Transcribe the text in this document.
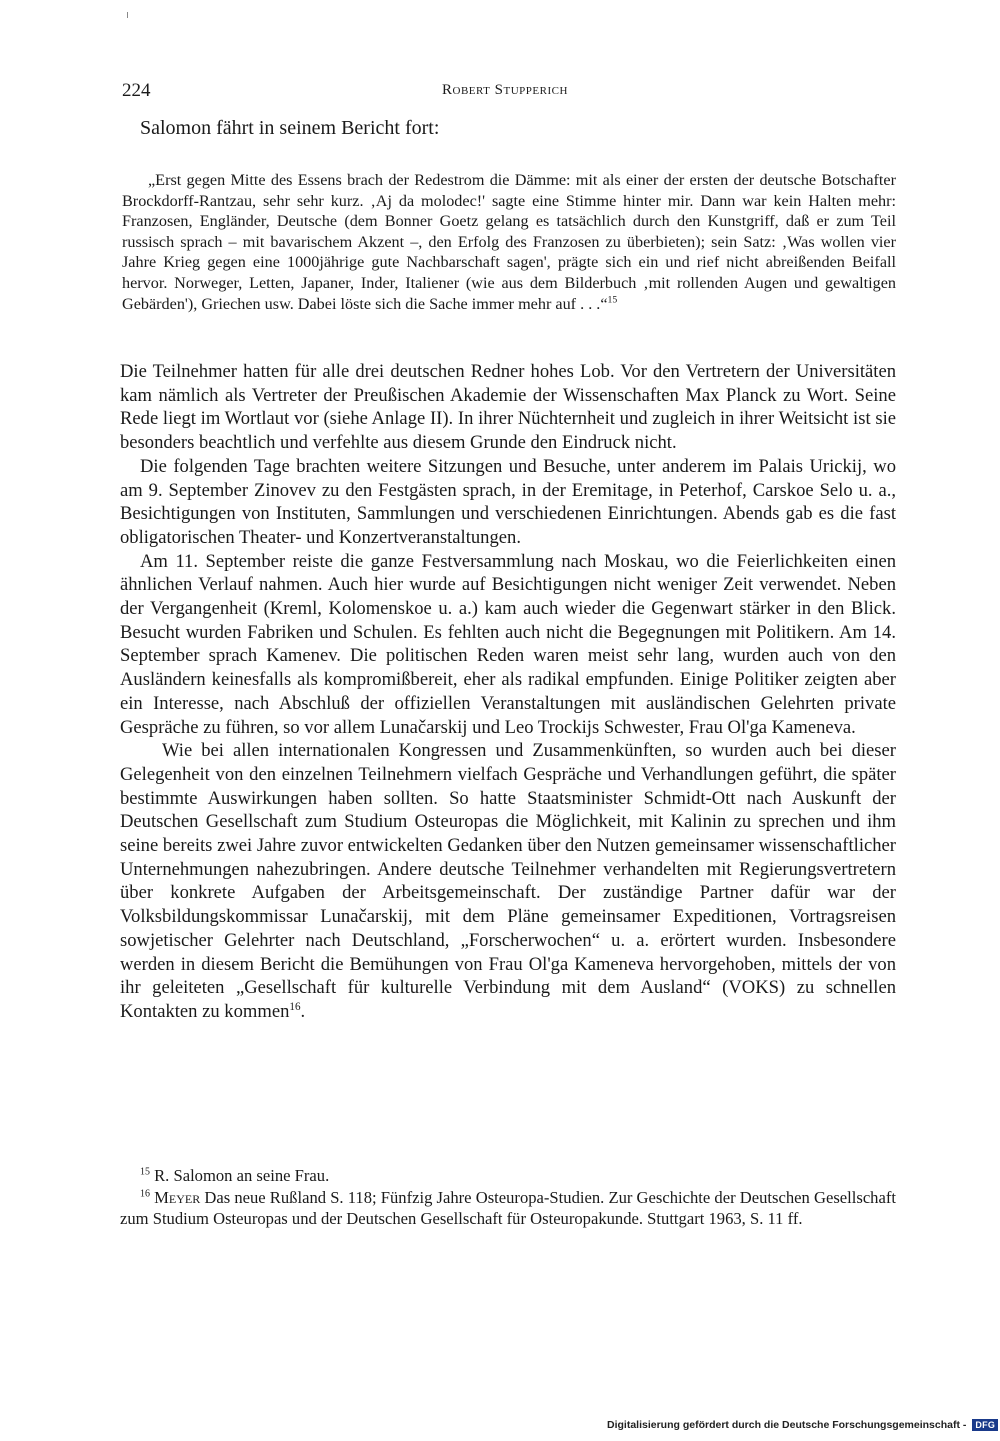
224	Robert Stupperich
Salomon fährt in seinem Bericht fort:
„Erst gegen Mitte des Essens brach der Redestrom die Dämme: mit als einer der ersten der deutsche Botschafter Brockdorff-Rantzau, sehr sehr kurz. ‚Aj da molodec!' sagte eine Stimme hinter mir. Dann war kein Halten mehr: Franzosen, Engländer, Deutsche (dem Bonner Goetz gelang es tatsächlich durch den Kunstgriff, daß er zum Teil russisch sprach – mit bavarischem Akzent –, den Erfolg des Franzosen zu überbieten); sein Satz: ‚Was wollen vier Jahre Krieg gegen eine 1000jährige gute Nachbarschaft sagen', prägte sich ein und rief nicht abreißenden Beifall hervor. Norweger, Letten, Japaner, Inder, Italiener (wie aus dem Bilderbuch ‚mit rollenden Augen und gewaltigen Gebärden'), Griechen usw. Dabei löste sich die Sache immer mehr auf . . .“$^{15}$

Die Teilnehmer hatten für alle drei deutschen Redner hohes Lob. Vor den Vertretern der Universitäten kam nämlich als Vertreter der Preußischen Akademie der Wissenschaften Max Planck zu Wort. Seine Rede liegt im Wortlaut vor (siehe Anlage II). In ihrer Nüchternheit und zugleich in ihrer Weitsicht ist sie besonders beachtlich und verfehlte aus diesem Grunde den Eindruck nicht.

Die folgenden Tage brachten weitere Sitzungen und Besuche, unter anderem im Palais Urickij, wo am 9. September Zinovev zu den Festgästen sprach, in der Eremitage, in Peterhof, Carskoe Selo u. a., Besichtigungen von Instituten, Sammlungen und verschiedenen Einrichtungen. Abends gab es die fast obligatorischen Theater- und Konzertveranstaltungen.

Am 11. September reiste die ganze Festversammlung nach Moskau, wo die Feierlichkeiten einen ähnlichen Verlauf nahmen. Auch hier wurde auf Besichtigungen nicht weniger Zeit verwendet. Neben der Vergangenheit (Kreml, Kolomenskoe u. a.) kam auch wieder die Gegenwart stärker in den Blick. Besucht wurden Fabriken und Schulen. Es fehlten auch nicht die Begegnungen mit Politikern. Am 14. September sprach Kamenev. Die politischen Reden waren meist sehr lang, wurden auch von den Ausländern keinesfalls als kompromißbereit, eher als radikal empfunden. Einige Politiker zeigten aber ein Interesse, nach Abschluß der offiziellen Veranstaltungen mit ausländischen Gelehrten private Gespräche zu führen, so vor allem Lunačarskij und Leo Trockijs Schwester, Frau Ol'ga Kameneva.

Wie bei allen internationalen Kongressen und Zusammenkünften, so wurden auch bei dieser Gelegenheit von den einzelnen Teilnehmern vielfach Gespräche und Verhandlungen geführt, die später bestimmte Auswirkungen haben sollten. So hatte Staatsminister Schmidt-Ott nach Auskunft der Deutschen Gesellschaft zum Studium Osteuropas die Möglichkeit, mit Kalinin zu sprechen und ihm seine bereits zwei Jahre zuvor entwickelten Gedanken über den Nutzen gemeinsamer wissenschaftlicher Unternehmungen nahezubringen. Andere deutsche Teilnehmer verhandelten mit Regierungsvertretern über konkrete Aufgaben der Arbeitsgemeinschaft. Der zuständige Partner dafür war der Volksbildungskommissar Lunačarskij, mit dem Pläne gemeinsamer Expeditionen, Vortragsreisen sowjetischer Gelehrter nach Deutschland, „Forscherwochen“ u. a. erörtert wurden. Insbesondere werden in diesem Bericht die Bemühungen von Frau Ol'ga Kameneva hervorgehoben, mittels der von ihr geleiteten „Gesellschaft für kulturelle Verbindung mit dem Ausland“ (VOKS) zu schnellen Kontakten zu kommen$^{16}$.

$^{15}$ R. Salomon an seine Frau.

$^{16}$ Meyer Das neue Rußland S. 118; Fünfzig Jahre Osteuropa-Studien. Zur Geschichte der Deutschen Gesellschaft zum Studium Osteuropas und der Deutschen Gesellschaft für Osteuropakunde. Stuttgart 1963, S. 11 ff.

Digitalisierung gefördert durch die Deutsche Forschungsgemeinschaft - DFG
